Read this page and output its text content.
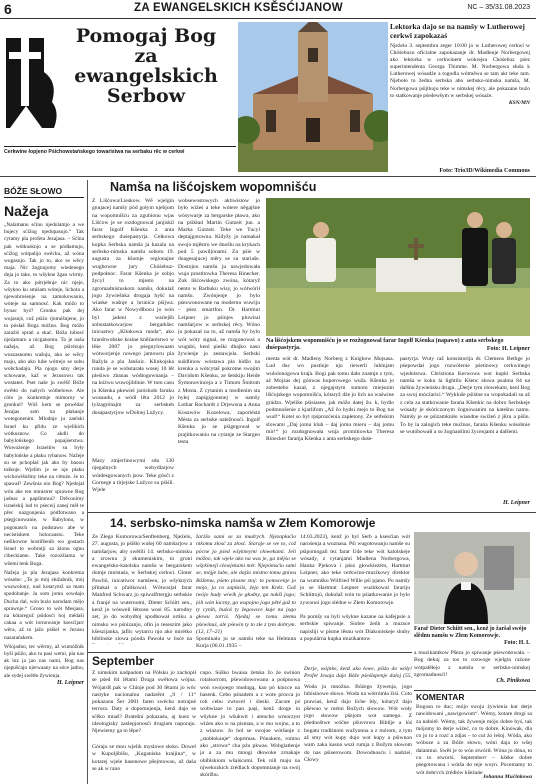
6	ZA EWANGELSKICH KSĚSĆIJANOW	NC – 35/31.08.2023
Pomogaj Bog
za
ewangelskich
Serbow
Cerkwine łopjeno Pśichowstańskego towaristwa na serbaku rěc w cerkwi
Lektorka dajo se na namšy w Lutherowej cerkwi zapokazaś
Njeźelu 3. septembra zeger 10:00 jo w Lutherowej cerkwi w Chóśebuzu oficialne zapokazanje dr. Madlenje Norbergowej ako lektorka w cerkwinem wokrejsu Chóśebuz pśez superintendenta Georga Thimme. M. Norbergowa słuša k Lutherowej wósadźe a togodla wótměwa se tam akt teke tam. Njeboło to žedna serbska abo serbsko-nimska namša, M. Norbergowa pśijtkujo teke w nimskej rěcy, ale pokazane buźo to statkowanje pśedewšym w serbskej wósaźe.
KSN/MN
Foto: Trio3D/Wikimedia Commons
BÓŽE SŁOWO
Nažeja
„Nalamanu sćinu njedolamjo a we bujecy sćižog njedopasujo.“ Tak cytamy pla profeta Jezajasa. – Sćina pak wótkusknjo a se pódłamujo, sćižog wótpalijo swěcku, až wóna wugasnjo. Tak jo to, ako se wěcy maja. Nic žognujomy wiedenego dnja jo take, to wšykne žgan wirmy. Za to ako pótrjebnje nic njeje, wšykno ku smiśam wóteje, lichota a njewobrośenje na zamokowaniu, wóteje na samnosć. Kak móžo to hynac byś? Gronko pak dej wujasnjś, což pśiźo rjomóšnjene, jo to pósłaš Boga móžno. Bog móžo zaraźiś sprań a skać. Bóža lubosć njeźamaro a nicganomu. To je naša nažeja, až Bog pśirézujo wuszasnomu wašnju, ako se wěcy maju, abo ako lube wótrejo se sobu wobchadaju. Pla njogo smy derje schowane, kaž w Jezusowu tak wostateś. Pset naše ju swěšč Bóže swětło do našych wótbelowe. Ale cóto jo konkretnje mimorny w gronkul? Wóš kem se powědać Jezajas sam na płakanje wotegonenim. Mlodnje ju zaelski Israel ku přidu ze wjelikich wótkusnow. Co akdli do babylońskego popajśetstwa. Wuwożenje Israeltiw su były babylońske a płaku rybanow. Nažeje su se pchoplaŝ jak ako by baoou tošknje. Wjelim je se nje płaku wichowłšoštny teke na vittuże. Je to spawał? Zewšnia nio Bog? Njedejał wón ake ten ministrer sprawne Bog jadnac a papšimnuś? Drěconimy israelskij lud to pśeceij zanej měł te přec nazgonjenia pódfotwano a pśegjcnowanie, w Babylonu, w pogonasch na podstawu abe w necistiskem holocaustu. Teke nešikowne hostifšenib wo gostacb Israel to wobrotji sa klonu ognu cibeckiame. Take rozozšiama w wšemi tenk Boga.
Nažeja ja pla Jezajasa konkretna wósobe: „To jo mój słužabnik, mój wuzwolony, nad kotarymž sa mam spodobanje. Ja som jomu sowdajo Duchu dal, wón buźo narodam mějo sprawnje.“ Grono to wót Mesjasa, na kótaregož pśidosći hoj mědaši cakaa a wót lornowanje ksesćijarr wěra, až to jažo pśišel w Jezusu nazarańskem.
Wšojadno, tec wěrmy, až wumóžnik hyši pśiźo, ako tu pasi wetni, pla nas ak luz ja jao nas nami, Bog nas njepušćaju njerwaany na sóce jadno, ale sydej swětło žywienja.
H. Leipner
Namša na lišćojskem wopomnišću
Z Lišćowa/Lieskow. Wě wjelgin gnujacej namšy pód gołym njebjom na wopomnišću za zgubionu wjas Lišćow je se rozdognowal janjiskil farar Ingolf Kšenka z anta serbskego duśepastyrja. Cełkowa kupka Serbska namša ja kazala na serbsko-nimska namšu sobotu 19. augusta za kšomje regionajne wugbowne jury Chóśebuz-podpołnoc. Farar Kšenka je sobjo žycyl to mjesto na zgromadnistuskom namšu, dokulaž jogo žywiešnka drogaja hyšć na wiaske wašnje a hrunica pśijwa. Ako farar w Nowydlbocu jo wón byl jadeni z wariejšh sobustatkowarjow bergarkšec inicuatwy „Klinkowa runda“, ako hranštwobske kraine kněźaréstwo w lěśe 2007 jo pśeguylowaam wótworjenje nowego jamowru pla Bažyla a pla Janšoic. Klinkojska runda je se wobstarała wosej 10 lět pleśiwo zbanas wódtogownanja – na kóźwu wuwojiblinie. W tom casu ju Kšenka pkewiel jarósludo faruku wosaudu, a wódl lěta 2012 jo lylzagrónajm za serbskeh dusapastyrjow wDolnej Lužycy.
Mazy zmjerlinowymi sdu 130 njegalnych wobydlarjow wótdesgowanych jsow. Teke gósći z Gornege a tirjejske Lužyce su pśiśli. Wjele
wobsewostowych aktiwistow jo było wiźeś a teke wótere něgajšne wósywarje za bergarske pława, ako na pśikład Martin Gutzeit jun. a Marka Gutzeit. Teke we Tucyl deptajgotowna. Kidyžy jo namakał swojo mjěstro we dnošlu na krykach pod 5 pawiljonami. Za pśie w doagesajucej měry se su stariaše. Dostojnu namšu ju nawjedowała wuja prostitowka Theresa Rinecker. Zuk lišćowskego zwóna, kótaryž nento w Barbuku wisy, jo wótwórił namšu. Zwónjenje jo bylo pśezwonowane na modernu wuwiju – pśez smartfon. Dr. Hartmut Leipner jo pśinjes pluwital namšarjow w serbskej rěcy. Wóno ju pokazał na to, až namša by bylo wót wóty signal, se rozgonowaś a wugubi, kenl pieški dhajko naso žywienje jo zestawjela. Serbski sušdlinow wóstawa pla lúdžo na krenka a wótcytaš pokrotne swojim Davidom Kšenku, ze šetskiju Heide Šymonovinceja a z Timom Šmitom z Mosta. Z cytanim a modlenim sta byłej zapśgigonenej w namšy Lothar Rochardt z Drjewsna a Anna Kosawów Kozelowa, zaporiéstá Mésta za serbske naležnosći. Ingolf Kšenka jo se pśigegował w prajitkowaniu na cytanje ze Stargeo testa
Na lišćojskem wopomnišću jo se rozžognowal farar Ingolf Kšenka (napawo) z anta serbskego duśepastyrja.	Foto: H. Leipner
menta wót dr. Madleny Norberg z Knigbow Mojsasa. Lud duc wo pustinje njo riewerli lubinjam wulolonogowa krajà. Bogi pak tomu dało znamje z tym, aż Mojzas dej gónwas kuporowego wuža. Kšenka jo zobestebo kazał, z njegajstym sumom miejsnim lišćojskego wopomnišća, kótaryž dźe jo lich na waświne grádzo. Wjelike pśisiasne, jak móžo datej žu. k, bydlo podmnošenie z kjarlifom „Až čo bydsi mejo to Bog tus wud!“ Kotel so byl rpśprozćenia zapłetony. Ze serbskim slowami „Daj jomu kluh – daj jomu mieru – daj jomu mir!“ jo rozdognowała wuja promitiowka Theresa Rinecker farańja Kšenka z anta serbskego duśe-
pastyrja. Wuty raž konsistorija dr. Clemens Bethge jo pśepowdał jogo rozwólenie pśetinowy cerkwinego wjednistwa. Christiona Kerwowa wot kupki Serbska namša w koku la lightilo Kšenc słowa psalma 84 na dalšnu žywieńsku drugu. „Derje tym cłowekam, kenl Bog za swoj mócźarici.“ Wykluše pśiśtne su wopokadali su až z cela za statkowanie farańa Kšenkic na dobro Serbskeje wósady je skóriczonym žognowanim na katešnu namu. Namšy je se pśizamkniło wiaodne swiźeń z jězu a pišin. To by la zalogich teke možnos, farańa Kšenku wósobnie se wutóhowałi a so žognanšimi žycenjami a dalšemi.
H. Leipner
14. serbsko-nimska namša w Złem Komorowje
Ze Złego Komorowa/Senftenberg. Njeźelu, 27. augusta, jo pśišło wušej 60 namšarjow a namšarjow, aby swětili 14. serbsko-nimsku a zrownu ji ekumeniskim, to groni ewangelsko-katolsku namšu w bergarskem domje mnistaśa, w Serbskej cerkwi. Ginter Pawliń, inicatiwor namšeeu, jo wšykných přitakał a přalikowal. Wótwarjał farar Manfred Schwarz jo spiwalfrtergju serbskie a franjé na wuternomi, Dieter Schiitt sen., kenž jo wósweli łětsosu wosi 85. narodny zet, jo do wobydtoj spodbował ortiku a nimsko wo pśnizanju, ofin jo teseszim jako kšeszijanka, jaflic wytarcu njo ako mirétko biblinske slowa póoda Pawoła w lisće na
žarźšo sami se za mudrych. Njezapłaćio nikomu złosć za złosć. Staraje se we to, což pócne jo pśed wšykneymi cłowekami. Jelí móžno, tak wjele ako na was je, ga mějśo se wšykimeji cłowjekami mér. Njepómsćio sami se, mójje lube, ale dajšo místno tomu gniwu Bóžemu, pśeto pisane stoj: to pomscenje jo mójo, ja co zapłaśiś, źejo ten Kněz. Gaž twójo hudy wiwik jo głodny, ga nakši jogo; jóli wón łaczny, ga wupojno jogo pěté gaž to ty cynih, buźoś ty žegowsce kuje na jogo głowu tarriś. Njedaj se tomu złemu pšewinuś, ale pśewin ty to złe z tym dobrym. (12, 17–21)
Spominalo ju se namšu teke na Helmuta Kurja (06.01.1935 –
14.03.2023), kenž jo byl Serb a ksesćian wót narośenja a wuznasa. Pśi wugotowanju namše su pśipomogali tez farar Ude teke wót katolskeje wósady, z cytanjami Madlena Norbergowa, Hanka Pjekova i pśez głowkiezém, Hartmut Leipner, ako teke cerkwino-muzikowy direktor na wumnšku Wilfried Wille pśi pjano. Po namšy jo se Hartmut Leipner wuzbkowal farariju Schiittojú, dokulaž wón tu pśiatkowanie jo bylo zywonoi jogo slédne w Złem Komorowje.
Pa pomšy su byli wšykne kazane na kafejpsie a serbskie spiwanje. Siobre źeńh a muzsce napisliji w písme lěsnu wót Diakoniskeje shuby a populárna kupka muzikantow
Farař Dieter Schiitt sen., kenž jo žaršał swójo slědnu namšu w Złem Komorowje.
Foto: H. L
a muzikantkow Pšeza jo spiwanje pśewódowała. – Bog dekuj za tos to rozwoge wjelgin raźone wótpalěłejo z namšu w serbsko-nimskej zgromadnosći!
Ch. Pinikowa
September
Z nimskim nadpadom na Pólsku jo zachopił se pśed 84 lětami Druga swětowa wójna. Wójardš pak w Chinje pod 30 lětami jo wóc nastyke nacionalnu nadarěnt „9 / 11“ pokazaou Šer 2001 faren swécho notrajné terrora. Daty a dopomnjenja, kenž dajo se sćěko mnaš? Bratešní pokazaśu, aj kuez w ideologisky zaslepjonosći drugiam naporaju. Njewiemy ga to lěpe?
Góraju se mnu wjelik myslowe słoko. Dowel w Kupoljiblšu, „Kuganiska kraijina“, w kotarej wjele basenowe pšejmowau, až daša se ak w rano
cupo. Súško bwaisa źetska žo że swinon rotalsorrom, pšewidowowanu a pośpnowa won swojoego mudugą, kao pó kincce na basenk. Cebo pśnadem a z wote procca jo rob cebu zwtocel i śleski. Zacute pś wobwiaze to pan pași, kenž droge in wšykne jo wšukwit i atencho wmorzyst wiźen ako w na pisman, a w mu wojnu, a to z wiazow. Jo hol se swojoe wótšanje z „stobłokanje“ doprtmas. Pónakem, romno ako „strowa“ cha pźu pkwas. Wobglatlenje ja a za mu mnogi dłowoke zrnakaje obiblskiom wšaiścumi. Tek róli majo na njwekozkich źrédlach dopomnianje na swój skóržbu.
Derje, wójnke, kenž ako łowe, pśiźo do wóły! Profet Jesaja dajo Bóže pśeślapenje daloj (55,
Woda ju množna. Bóźego žywenja, jogo hibisinowe słowo. Woda na wótrómła žiśi. Coto prawiaś, kenž dajo liche bły, kótaryž dajo pšewuo w mémi Božych słowow. Wót woły jogo słowow pšejom wot samego. Z pśednoštwe wóčne pšuvrowu Biblije a lóś bogatu tradiśnom wužyonna a z mórom, z tym až smy wót kupy dujo wot kupy a pśiwnon wam zaka kasna wszł rumja z Božym słowom do nas pśiserowom. Dowodnosću i nadziei. Cłowy
KOMENTAR
Bogosn to duc; mójo swoju żywienia kut derje nawidowani „nawigowom“. Wémy, kotare drogi sa za nabórě. Wémy, tak žywenje mójo dobre byś, tak mójomy to derje wiźeć, co to dobre. Kinowak, dla co jo to a rozć a zdjas – to cut źo lešoj. Wóda, ako wóboze a za Bóže słowo, wóni daja to wšej dalanmui. Swěś je to wón stwórił. Wóna jo dóna, to cu to stworiś. Septemberr – kšeke dobre pśegotowana i wótša do teje woyn. Pocemamy to wót dobrych źrédłów kšeźańe
Johanna Mučinkowa
